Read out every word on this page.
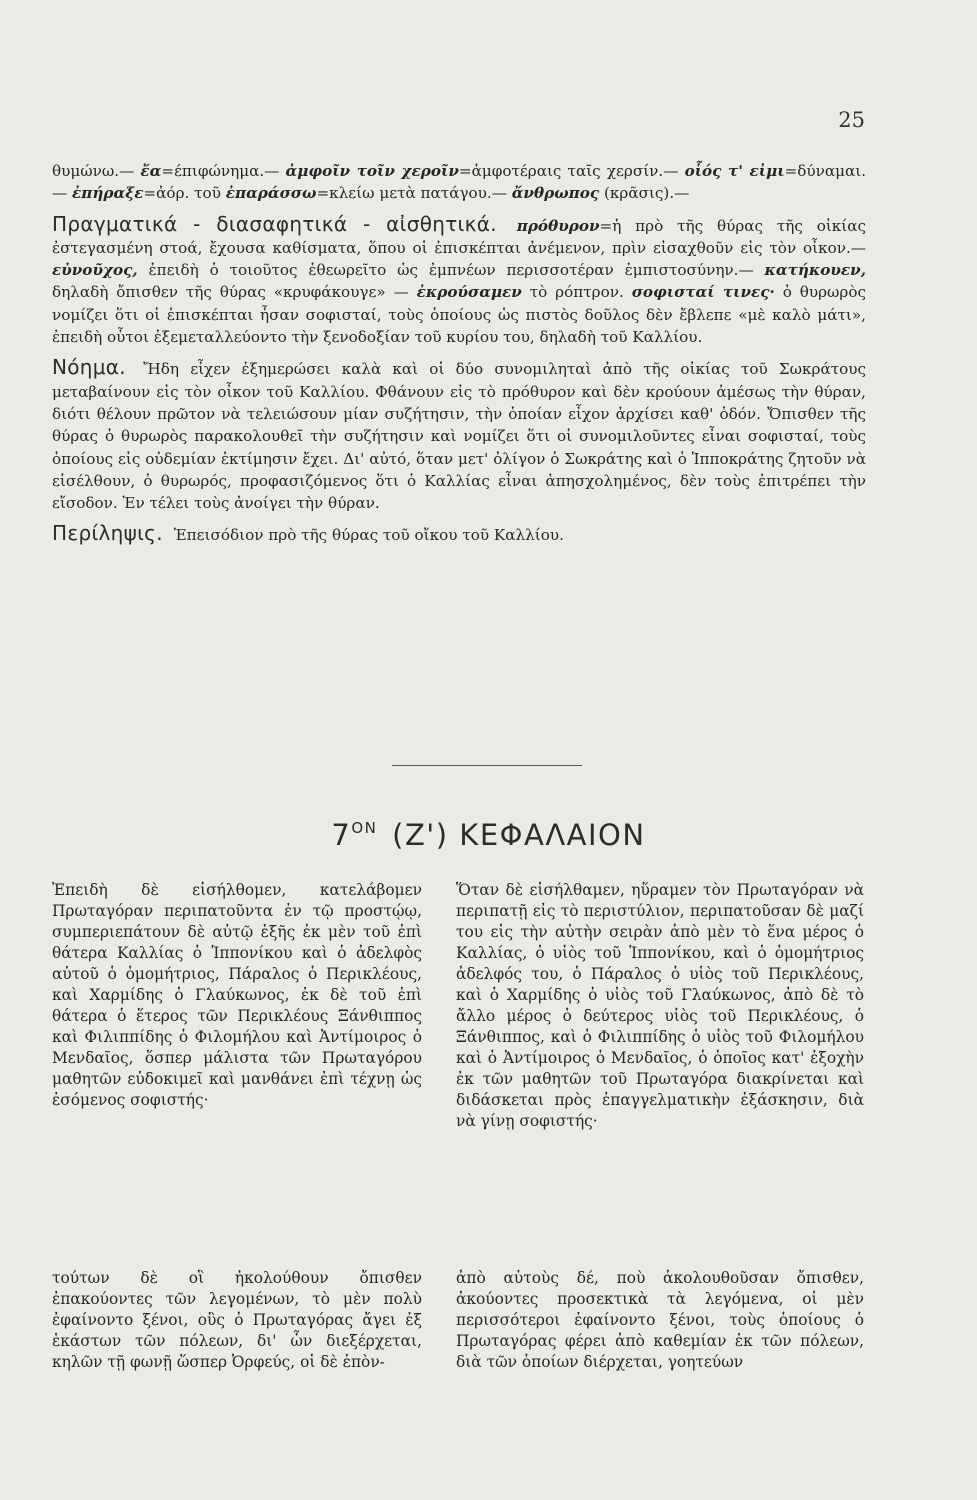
25

θυμώνω.— ἔα=έπιφώνημα.— ἀμφοῖν τοῖν χεροῖν=ἀμφοτέραις ταῖς χερσίν.— οἷός τ' εἰμι=δύναμαι.— ἐπήραξε=ἀόρ. τοῦ ἐπαράσσω=κλείω μετὰ πατάγου.— ἄνθρωπος (κρᾶσις).—

Πραγματικά - διασαφητικά - αἰσθητικά. πρόθυρον=ἡ πρὸ τῆς θύρας τῆς οἰκίας ἐστεγασμένη στοά, ἔχουσα καθίσματα, ὅπου οἱ ἐπισκέπται ἀνέμενον, πρὶν εἰσαχθοῦν εἰς τὸν οἶκον.— εὐνοῦχος, ἐπειδὴ ὁ τοιοῦτος ἐθεωρεῖτο ὡς ἐμπνέων περισσοτέραν ἐμπιστοσύνην.— κατήκουεν, δηλαδὴ ὄπισθεν τῆς θύρας «κρυφάκουγε» — ἐκρούσαμεν τὸ ρόπτρον. σοφισταί τινες· ὁ θυρωρὸς νομίζει ὅτι οἱ ἐπισκέπται ἦσαν σοφισταί, τοὺς ὁποίους ὡς πιστὸς δοῦλος δὲν ἔβλεπε «μὲ καλὸ μάτι», ἐπειδὴ οὗτοι ἐξεμεταλλεύοντο τὴν ξενοδοξίαν τοῦ κυρίου του, δηλαδὴ τοῦ Καλλίου.

Νόημα. Ἤδη εἶχεν ἐξημερώσει καλὰ καὶ οἱ δύο συνομιληταὶ ἀπὸ τῆς οἰκίας τοῦ Σωκράτους μεταβαίνουν εἰς τὸν οἶκον τοῦ Καλλίου. Φθάνουν εἰς τὸ πρόθυρον καὶ δὲν κρούουν ἀμέσως τὴν θύραν, διότι θέλουν πρῶτον νὰ τελειώσουν μίαν συζήτησιν, τὴν ὁποίαν εἶχον ἀρχίσει καθ' ὁδόν. Ὄπισθεν τῆς θύρας ὁ θυρωρὸς παρακολουθεῖ τὴν συζήτησιν καὶ νομίζει ὅτι οἱ συνομιλοῦντες εἶναι σοφισταί, τοὺς ὁποίους εἰς οὐδεμίαν ἐκτίμησιν ἔχει. Δι' αὐτό, ὅταν μετ' ὀλίγον ὁ Σωκράτης καὶ ὁ Ἱπποκράτης ζητοῦν νὰ εἰσέλθουν, ὁ θυρωρός, προφασιζόμενος ὅτι ὁ Καλλίας εἶναι ἀπησχολημένος, δὲν τοὺς ἐπιτρέπει τὴν εἴσοδον. Ἐν τέλει τοὺς ἀνοίγει τὴν θύραν.

Περίληψις. Ἐπεισόδιον πρὸ τῆς θύρας τοῦ οἴκου τοῦ Καλλίου.

$7^{ON}$ (Ζ') ΚΕΦΑΛΑΙΟΝ

Ἐπειδὴ δὲ εἰσήλθομεν, κατελάβομεν Πρωταγόραν περιπατοῦντα ἐν τῷ προστῴῳ, συμπεριεπάτουν δὲ αὐτῷ ἑξῆς ἐκ μὲν τοῦ ἐπὶ θάτερα Καλλίας ὁ Ἱππονίκου καὶ ὁ ἀδελφὸς αὐτοῦ ὁ ὁμομήτριος, Πάραλος ὁ Περικλέους, καὶ Χαρμίδης ὁ Γλαύκωνος, ἐκ δὲ τοῦ ἐπὶ θάτερα ὁ ἕτερος τῶν Περικλέους Ξάνθιππος καὶ Φιλιππίδης ὁ Φιλομήλου καὶ Ἀντίμοιρος ὁ Μενδαῖος, ὅσπερ μάλιστα τῶν Πρωταγόρου μαθητῶν εὐδοκιμεῖ καὶ μανθάνει ἐπὶ τέχνῃ ὡς ἐσόμενος σοφιστής·

Ὅταν δὲ εἰσήλθαμεν, ηὕραμεν τὸν Πρωταγόραν νὰ περιπατῇ εἰς τὸ περιστύλιον, περιπατοῦσαν δὲ μαζί του εἰς τὴν αὐτὴν σειρὰν ἀπὸ μὲν τὸ ἕνα μέρος ὁ Καλλίας, ὁ υἱὸς τοῦ Ἱππονίκου, καὶ ὁ ὁμομήτριος ἀδελφός του, ὁ Πάραλος ὁ υἱὸς τοῦ Περικλέους, καὶ ὁ Χαρμίδης ὁ υἱὸς τοῦ Γλαύκωνος, ἀπὸ δὲ τὸ ἄλλο μέρος ὁ δεύτερος υἱὸς τοῦ Περικλέους, ὁ Ξάνθιππος, καὶ ὁ Φιλιππίδης ὁ υἱὸς τοῦ Φιλομήλου καὶ ὁ Ἀντίμοιρος ὁ Μενδαῖος, ὁ ὁποῖος κατ' ἐξοχὴν ἐκ τῶν μαθητῶν τοῦ Πρωταγόρα διακρίνεται καὶ διδάσκεται πρὸς ἐπαγγελματικὴν ἐξάσκησιν, διὰ νὰ γίνῃ σοφιστής·

τούτων δὲ οἳ ἠκολούθουν ὄπισθεν ἐπακούοντες τῶν λεγομένων, τὸ μὲν πολὺ ἐφαίνοντο ξένοι, οὓς ὁ Πρωταγόρας ἄγει ἐξ ἑκάστων τῶν πόλεων, δι' ὧν διεξέρχεται, κηλῶν τῇ φωνῇ ὥσπερ Ὀρφεύς, οἱ δὲ ἐπὸν-

ἀπὸ αὐτοὺς δέ, ποὺ ἀκολουθοῦσαν ὄπισθεν, ἀκούοντες προσεκτικὰ τὰ λεγόμενα, οἱ μὲν περισσότεροι ἐφαίνοντο ξένοι, τοὺς ὁποίους ὁ Πρωταγόρας φέρει ἀπὸ καθεμίαν ἐκ τῶν πόλεων, διὰ τῶν ὁποίων διέρχεται, γοητεύων
